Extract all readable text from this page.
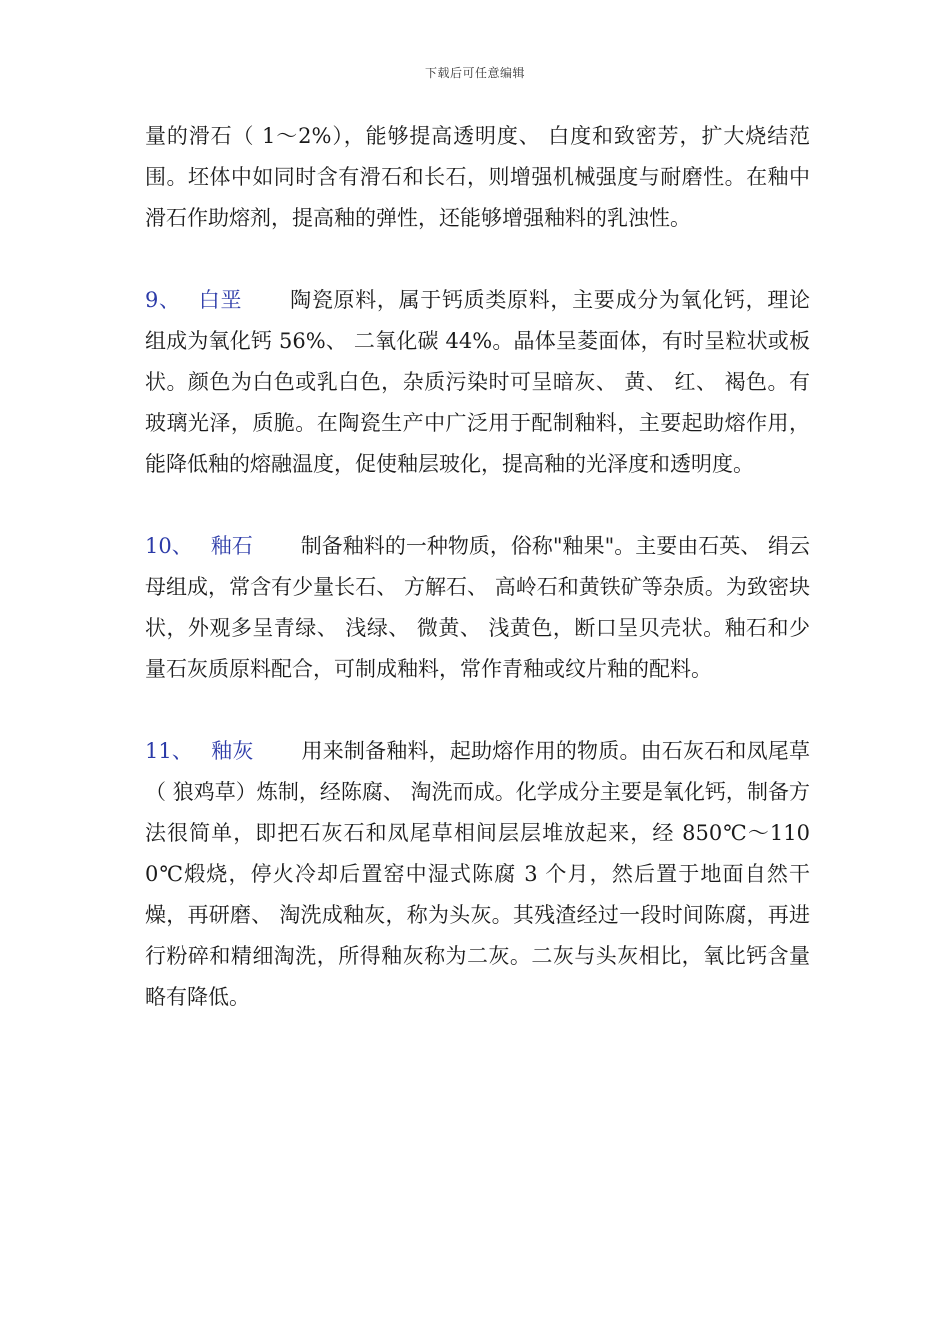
下载后可任意编辑

量的滑石（ 1～2%），能够提高透明度、 白度和致密芳，扩大烧结范围。坯体中如同时含有滑石和长石，则增强机械强度与耐磨性。在釉中滑石作助熔剂，提高釉的弹性，还能够增强釉料的乳浊性。

9、 白垩 陶瓷原料，属于钙质类原料，主要成分为氧化钙，理论组成为氧化钙 56%、 二氧化碳 44%。晶体呈菱面体，有时呈粒状或板状。颜色为白色或乳白色，杂质污染时可呈暗灰、 黄、 红、 褐色。有玻璃光泽，质脆。在陶瓷生产中广泛用于配制釉料，主要起助熔作用，能降低釉的熔融温度，促使釉层玻化，提高釉的光泽度和透明度。

10、 釉石 制备釉料的一种物质，俗称"釉果"。主要由石英、 绢云母组成，常含有少量长石、 方解石、 高岭石和黄铁矿等杂质。为致密块状，外观多呈青绿、 浅绿、 微黄、 浅黄色，断口呈贝壳状。釉石和少量石灰质原料配合，可制成釉料，常作青釉或纹片釉的配料。

11、 釉灰 用来制备釉料，起助熔作用的物质。由石灰石和凤尾草（ 狼鸡草）炼制，经陈腐、 淘洗而成。化学成分主要是氧化钙，制备方法很简单，即把石灰石和凤尾草相间层层堆放起来，经 850℃～1100℃煅烧，停火冷却后置窑中湿式陈腐 3 个月，然后置于地面自然干燥，再研磨、 淘洗成釉灰，称为头灰。其残渣经过一段时间陈腐，再进行粉碎和精细淘洗，所得釉灰称为二灰。二灰与头灰相比，氧比钙含量略有降低。
